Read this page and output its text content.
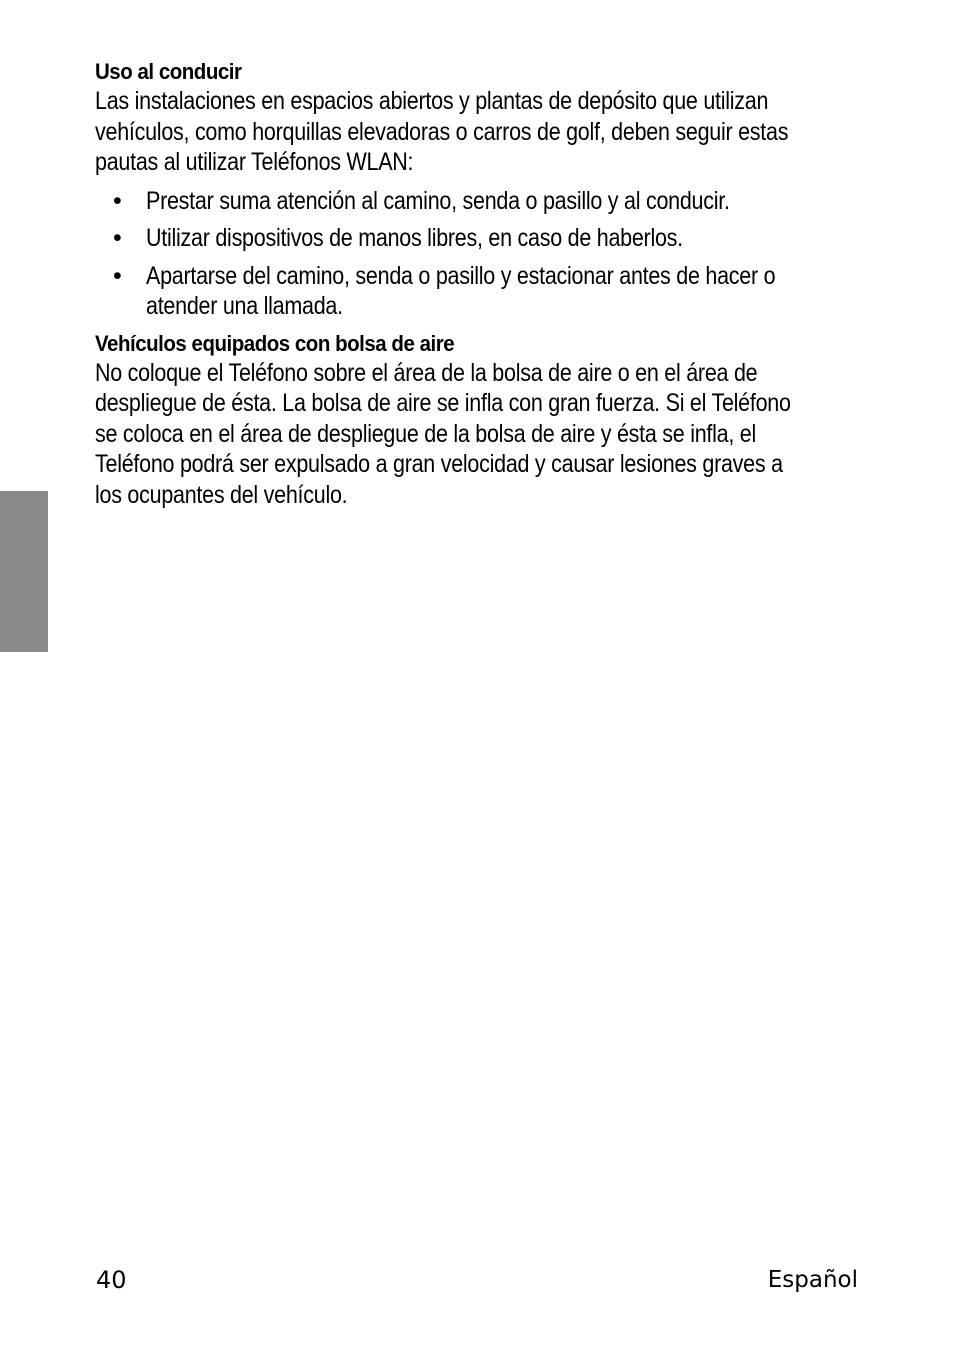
Uso al conducir

Las instalaciones en espacios abiertos y plantas de depósito que utilizan
vehículos, como horquillas elevadoras o carros de golf, deben seguir estas
pautas al utilizar Teléfonos WLAN:

• Prestar suma atención al camino, senda o pasillo y al conducir.

• Utilizar dispositivos de manos libres, en caso de haberlos.

• Apartarse del camino, senda o pasillo y estacionar antes de hacer o
atender una llamada.

Vehículos equipados con bolsa de aire

No coloque el Teléfono sobre el área de la bolsa de aire o en el área de
despliegue de ésta. La bolsa de aire se infla con gran fuerza. Si el Teléfono
se coloca en el área de despliegue de la bolsa de aire y ésta se infla, el
Teléfono podrá ser expulsado a gran velocidad y causar lesiones graves a
los ocupantes del vehículo.

40	Español
